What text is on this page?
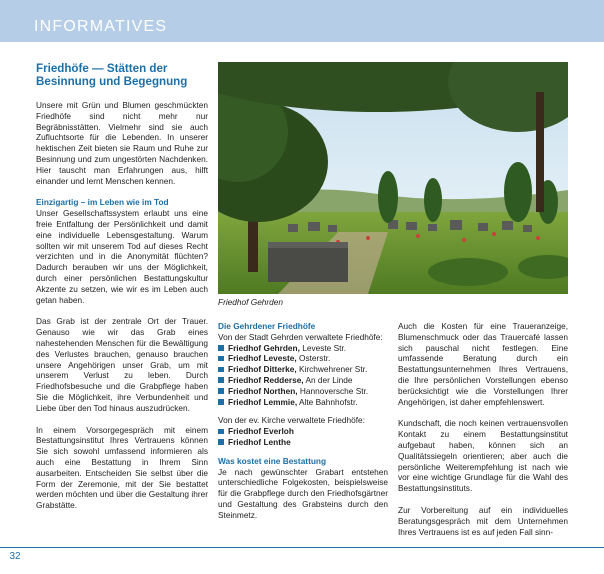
INFORMATIVES
Friedhöfe — Stätten der Besinnung und Begegnung

Unsere mit Grün und Blumen geschmückten Friedhöfe sind nicht mehr nur Begräbnisstätten. Vielmehr sind sie auch Zufluchtsorte für die Lebenden. In unserer hektischen Zeit bieten sie Raum und Ruhe zur Besinnung und zum ungestörten Nachdenken. Hier tauscht man Erfahrungen aus, hilft einander und lernt Menschen kennen.

Einzigartig – im Leben wie im Tod

Unser Gesellschaftssystem erlaubt uns eine freie Entfaltung der Persönlichkeit und damit eine individuelle Lebensgestaltung. Warum sollten wir mit unserem Tod auf dieses Recht verzichten und in die Anonymität flüchten? Dadurch berauben wir uns der Möglichkeit, durch einer persönlichen Bestattungskultur Akzente zu setzen, wie wir es im Leben auch getan haben.

Das Grab ist der zentrale Ort der Trauer. Genauso wie wir das Grab eines nahestehenden Menschen für die Bewältigung des Verlustes brauchen, genauso brauchen unsere Angehörigen unser Grab, um mit unserem Verlust zu leben. Durch Friedhofsbesuche und die Grabpflege haben Sie die Möglichkeit, ihre Verbundenheit und Liebe über den Tod hinaus auszudrücken.

In einem Vorsorgegespräch mit einem Bestattungsinstitut Ihres Vertrauens können Sie sich sowohl umfassend informieren als auch eine Bestattung in Ihrem Sinn ausarbeiten. Entscheiden Sie selbst über die Form der Zeremonie, mit der Sie bestattet werden möchten und über die Gestaltung ihrer Grabstätte.

Friedhof Gehrden
Die Gehrdener Friedhöfe

Von der Stadt Gehrden verwaltete Friedhöfe:

Friedhof Gehrden, Leveste Str.
Friedhof Leveste, Osterstr.
Friedhof Ditterke, Kirchwehrener Str.
Friedhof Redderse, An der Linde
Friedhof Northen, Hannoversche Str.
Friedhof Lemmie, Alte Bahnhofstr.

Von der ev. Kirche verwaltete Friedhöfe:

Friedhof Everloh
Friedhof Lenthe
Was kostet eine Bestattung

Je nach gewünschter Grabart entstehen unterschiedliche Folgekosten, beispielsweise für die Grabpflege durch den Friedhofsgärtner und Gestaltung des Grabsteins durch den Steinmetz.

Auch die Kosten für eine Traueranzeige, Blumenschmuck oder das Trauercafé lassen sich pauschal nicht festlegen. Eine umfassende Beratung durch ein Bestattungsunternehmen Ihres Vertrauens, die Ihre persönlichen Vorstellungen ebenso berücksichtigt wie die Vorstellungen Ihrer Angehörigen, ist daher empfehlenswert.

Kundschaft, die noch keinen vertrauensvollen Kontakt zu einem Bestattungsinstitut aufgebaut haben, können sich an Qualitätssiegeln orientieren; aber auch die persönliche Weiterempfehlung ist nach wie vor eine wichtige Grundlage für die Wahl des Bestattungsinstituts.

Zur Vorbereitung auf ein individuelles Beratungsgespräch mit dem Unternehmen Ihres Vertrauens ist es auf jeden Fall sinn-

32
